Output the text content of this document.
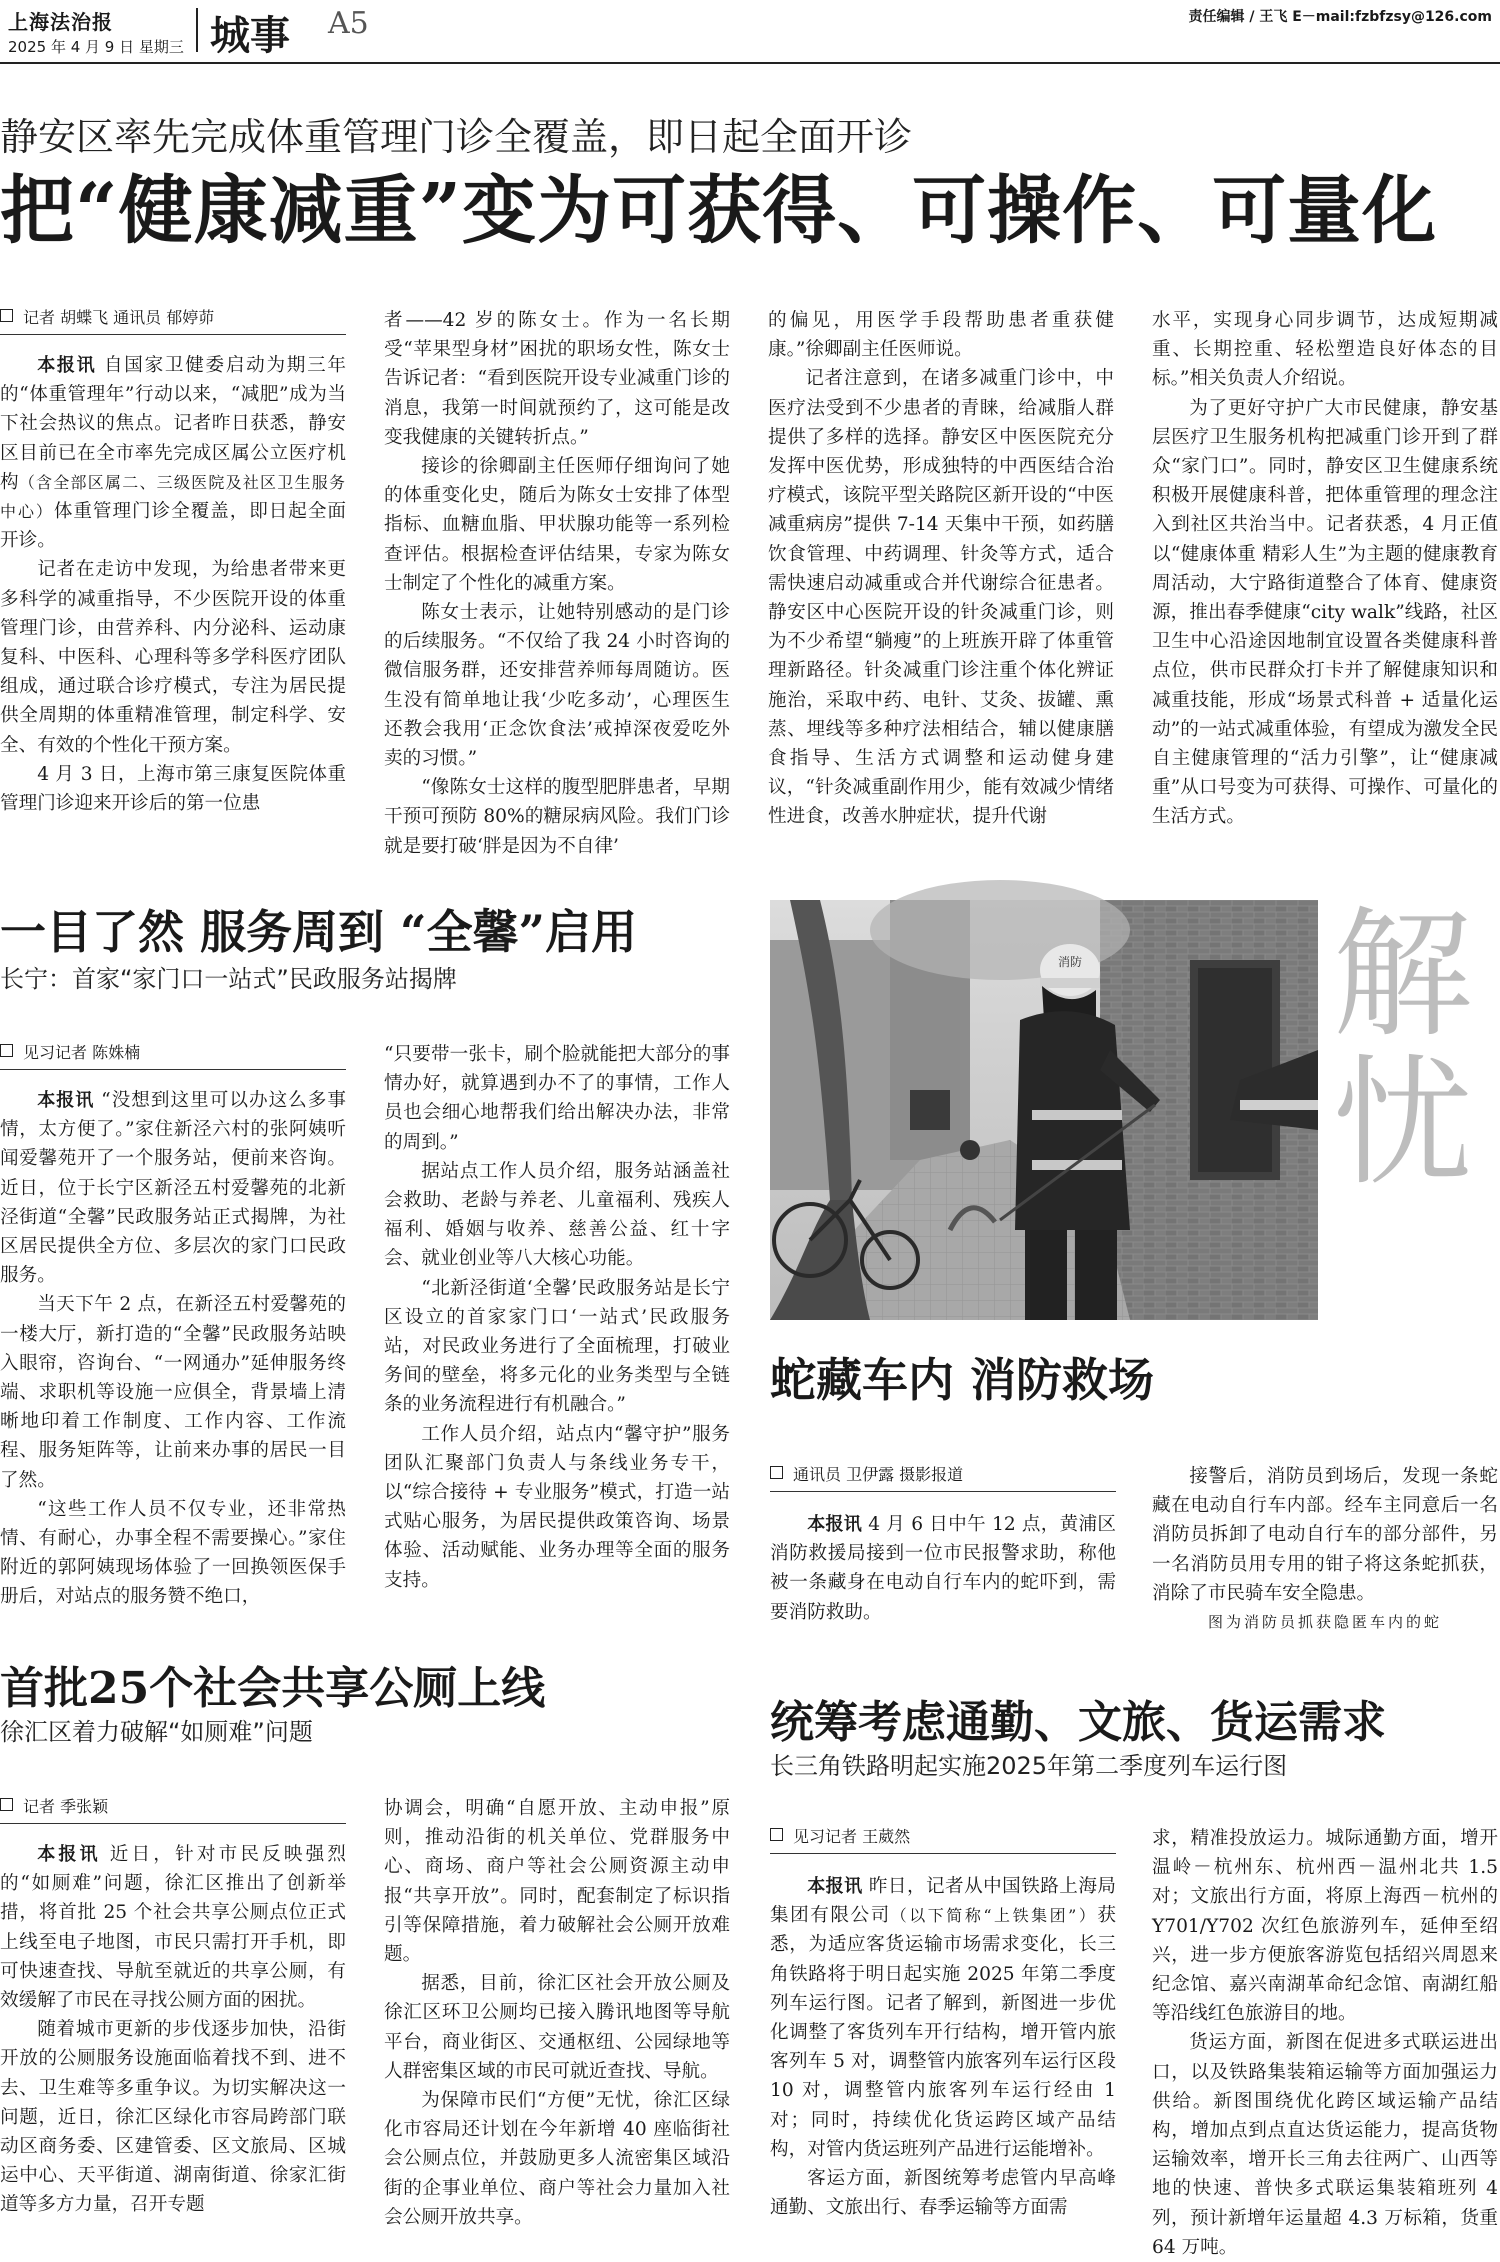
上海法治报
2025 年 4 月 9 日 星期三 城事 A5	责任编辑 / 王飞 E－mail:fzbfzsy@126.com
静安区率先完成体重管理门诊全覆盖，即日起全面开诊
把“健康减重”变为可获得、可操作、可量化
记者 胡蝶飞 通讯员 郁婷茆

本报讯 自国家卫健委启动为期三年的“体重管理年”行动以来，“减肥”成为当下社会热议的焦点。记者昨日获悉，静安区目前已在全市率先完成区属公立医疗机构（含全部区属二、三级医院及社区卫生服务中心）体重管理门诊全覆盖，即日起全面开诊。

记者在走访中发现，为给患者带来更多科学的减重指导，不少医院开设的体重管理门诊，由营养科、内分泌科、运动康复科、中医科、心理科等多学科医疗团队组成，通过联合诊疗模式，专注为居民提供全周期的体重精准管理，制定科学、安全、有效的个性化干预方案。

4 月 3 日，上海市第三康复医院体重管理门诊迎来开诊后的第一位患

者——42 岁的陈女士。作为一名长期受“苹果型身材”困扰的职场女性，陈女士告诉记者：“看到医院开设专业减重门诊的消息，我第一时间就预约了，这可能是改变我健康的关键转折点。”

接诊的徐卿副主任医师仔细询问了她的体重变化史，随后为陈女士安排了体型指标、血糖血脂、甲状腺功能等一系列检查评估。根据检查评估结果，专家为陈女士制定了个性化的减重方案。

陈女士表示，让她特别感动的是门诊的后续服务。“不仅给了我 24 小时咨询的微信服务群，还安排营养师每周随访。医生没有简单地让我‘少吃多动’，心理医生还教会我用‘正念饮食法’戒掉深夜爱吃外卖的习惯。”

“像陈女士这样的腹型肥胖患者，早期干预可预防 80%的糖尿病风险。我们门诊就是要打破‘胖是因为不自律’

的偏见，用医学手段帮助患者重获健康。”徐卿副主任医师说。

记者注意到，在诸多减重门诊中，中医疗法受到不少患者的青睐，给减脂人群提供了多样的选择。静安区中医医院充分发挥中医优势，形成独特的中西医结合治疗模式，该院平型关路院区新开设的“中医减重病房”提供 7-14 天集中干预，如药膳饮食管理、中药调理、针灸等方式，适合需快速启动减重或合并代谢综合征患者。静安区中心医院开设的针灸减重门诊，则为不少希望“躺瘦”的上班族开辟了体重管理新路径。针灸减重门诊注重个体化辨证施治，采取中药、电针、艾灸、拔罐、熏蒸、埋线等多种疗法相结合，辅以健康膳食指导、生活方式调整和运动健身建议，“针灸减重副作用少，能有效减少情绪性进食，改善水肿症状，提升代谢

水平，实现身心同步调节，达成短期减重、长期控重、轻松塑造良好体态的目标。”相关负责人介绍说。

为了更好守护广大市民健康，静安基层医疗卫生服务机构把减重门诊开到了群众“家门口”。同时，静安区卫生健康系统积极开展健康科普，把体重管理的理念注入到社区共治当中。记者获悉，4 月正值以“健康体重 精彩人生”为主题的健康教育周活动，大宁路街道整合了体育、健康资源，推出春季健康“city walk”线路，社区卫生中心沿途因地制宜设置各类健康科普点位，供市民群众打卡并了解健康知识和减重技能，形成“场景式科普 + 适量化运动”的一站式减重体验，有望成为激发全民自主健康管理的“活力引擎”，让“健康减重”从口号变为可获得、可操作、可量化的生活方式。

一目了然 服务周到 “全馨”启用
长宁：首家“家门口一站式”民政服务站揭牌
见习记者 陈姝楠

本报讯 “没想到这里可以办这么多事情，太方便了。”家住新泾六村的张阿姨听闻爱馨苑开了一个服务站，便前来咨询。近日，位于长宁区新泾五村爱馨苑的北新泾街道“全馨”民政服务站正式揭牌，为社区居民提供全方位、多层次的家门口民政服务。

当天下午 2 点，在新泾五村爱馨苑的一楼大厅，新打造的“全馨”民政服务站映入眼帘，咨询台、“一网通办”延伸服务终端、求职机等设施一应俱全，背景墙上清晰地印着工作制度、工作内容、工作流程、服务矩阵等，让前来办事的居民一目了然。

“这些工作人员不仅专业，还非常热情、有耐心，办事全程不需要操心。”家住附近的郭阿姨现场体验了一回换领医保手册后，对站点的服务赞不绝口，

“只要带一张卡，刷个脸就能把大部分的事情办好，就算遇到办不了的事情，工作人员也会细心地帮我们给出解决办法，非常的周到。”

据站点工作人员介绍，服务站涵盖社会救助、老龄与养老、儿童福利、残疾人福利、婚姻与收养、慈善公益、红十字会、就业创业等八大核心功能。

“北新泾街道‘全馨’民政服务站是长宁区设立的首家家门口‘一站式’民政服务站，对民政业务进行了全面梳理，打破业务间的壁垒，将多元化的业务类型与全链条的业务流程进行有机融合。”

工作人员介绍，站点内“馨守护”服务团队汇聚部门负责人与条线业务专干，以“综合接待 + 专业服务”模式，打造一站式贴心服务，为居民提供政策咨询、场景体验、活动赋能、业务办理等全面的服务支持。

消防 解忧
蛇藏车内 消防救场
通讯员 卫伊露 摄影报道

本报讯 4 月 6 日中午 12 点，黄浦区消防救援局接到一位市民报警求助，称他被一条藏身在电动自行车内的蛇吓到，需要消防救助。

接警后，消防员到场后，发现一条蛇藏在电动自行车内部。经车主同意后一名消防员拆卸了电动自行车的部分部件，另一名消防员用专用的钳子将这条蛇抓获，消除了市民骑车安全隐患。

图为消防员抓获隐匿车内的蛇

首批25个社会共享公厕上线
徐汇区着力破解“如厕难”问题
记者 季张颖

本报讯 近日，针对市民反映强烈的“如厕难”问题，徐汇区推出了创新举措，将首批 25 个社会共享公厕点位正式上线至电子地图，市民只需打开手机，即可快速查找、导航至就近的共享公厕，有效缓解了市民在寻找公厕方面的困扰。

随着城市更新的步伐逐步加快，沿街开放的公厕服务设施面临着找不到、进不去、卫生难等多重争议。为切实解决这一问题，近日，徐汇区绿化市容局跨部门联动区商务委、区建管委、区文旅局、区城运中心、天平街道、湖南街道、徐家汇街道等多方力量，召开专题

协调会，明确“自愿开放、主动申报”原则，推动沿街的机关单位、党群服务中心、商场、商户等社会公厕资源主动申报“共享开放”。同时，配套制定了标识指引等保障措施，着力破解社会公厕开放难题。

据悉，目前，徐汇区社会开放公厕及徐汇区环卫公厕均已接入腾讯地图等导航平台，商业街区、交通枢纽、公园绿地等人群密集区域的市民可就近查找、导航。

为保障市民们“方便”无忧，徐汇区绿化市容局还计划在今年新增 40 座临街社会公厕点位，并鼓励更多人流密集区域沿街的企事业单位、商户等社会力量加入社会公厕开放共享。

统筹考虑通勤、文旅、货运需求
长三角铁路明起实施2025年第二季度列车运行图
见习记者 王葳然

本报讯 昨日，记者从中国铁路上海局集团有限公司（以下简称“上铁集团”）获悉，为适应客货运输市场需求变化，长三角铁路将于明日起实施 2025 年第二季度列车运行图。记者了解到，新图进一步优化调整了客货列车开行结构，增开管内旅客列车 5 对，调整管内旅客列车运行区段 10 对，调整管内旅客列车运行经由 1 对；同时，持续优化货运跨区域产品结构，对管内货运班列产品进行运能增补。

客运方面，新图统筹考虑管内早高峰通勤、文旅出行、春季运输等方面需

求，精准投放运力。城际通勤方面，增开温岭－杭州东、杭州西－温州北共 1.5 对；文旅出行方面，将原上海西－杭州的 Y701/Y702 次红色旅游列车，延伸至绍兴，进一步方便旅客游览包括绍兴周恩来纪念馆、嘉兴南湖革命纪念馆、南湖红船等沿线红色旅游目的地。

货运方面，新图在促进多式联运进出口，以及铁路集装箱运输等方面加强运力供给。新图围绕优化跨区域运输产品结构，增加点到点直达货运能力，提高货物运输效率，增开长三角去往两广、山西等地的快速、普快多式联运集装箱班列 4 列，预计新增年运量超 4.3 万标箱，货重 64 万吨。
